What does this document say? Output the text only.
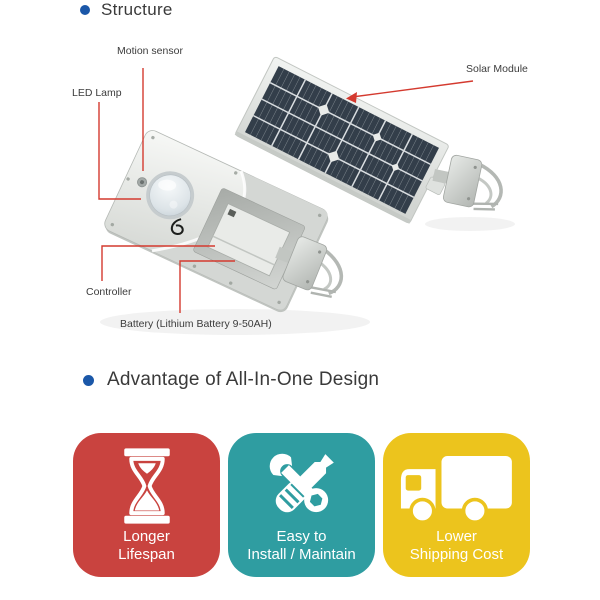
Structure
Motion sensor
LED Lamp
Solar Module
Controller
Battery (Lithium Battery 9-50AH)
Advantage of All-In-One Design
Longer
Lifespan
Easy to
Install / Maintain
Lower
Shipping Cost
